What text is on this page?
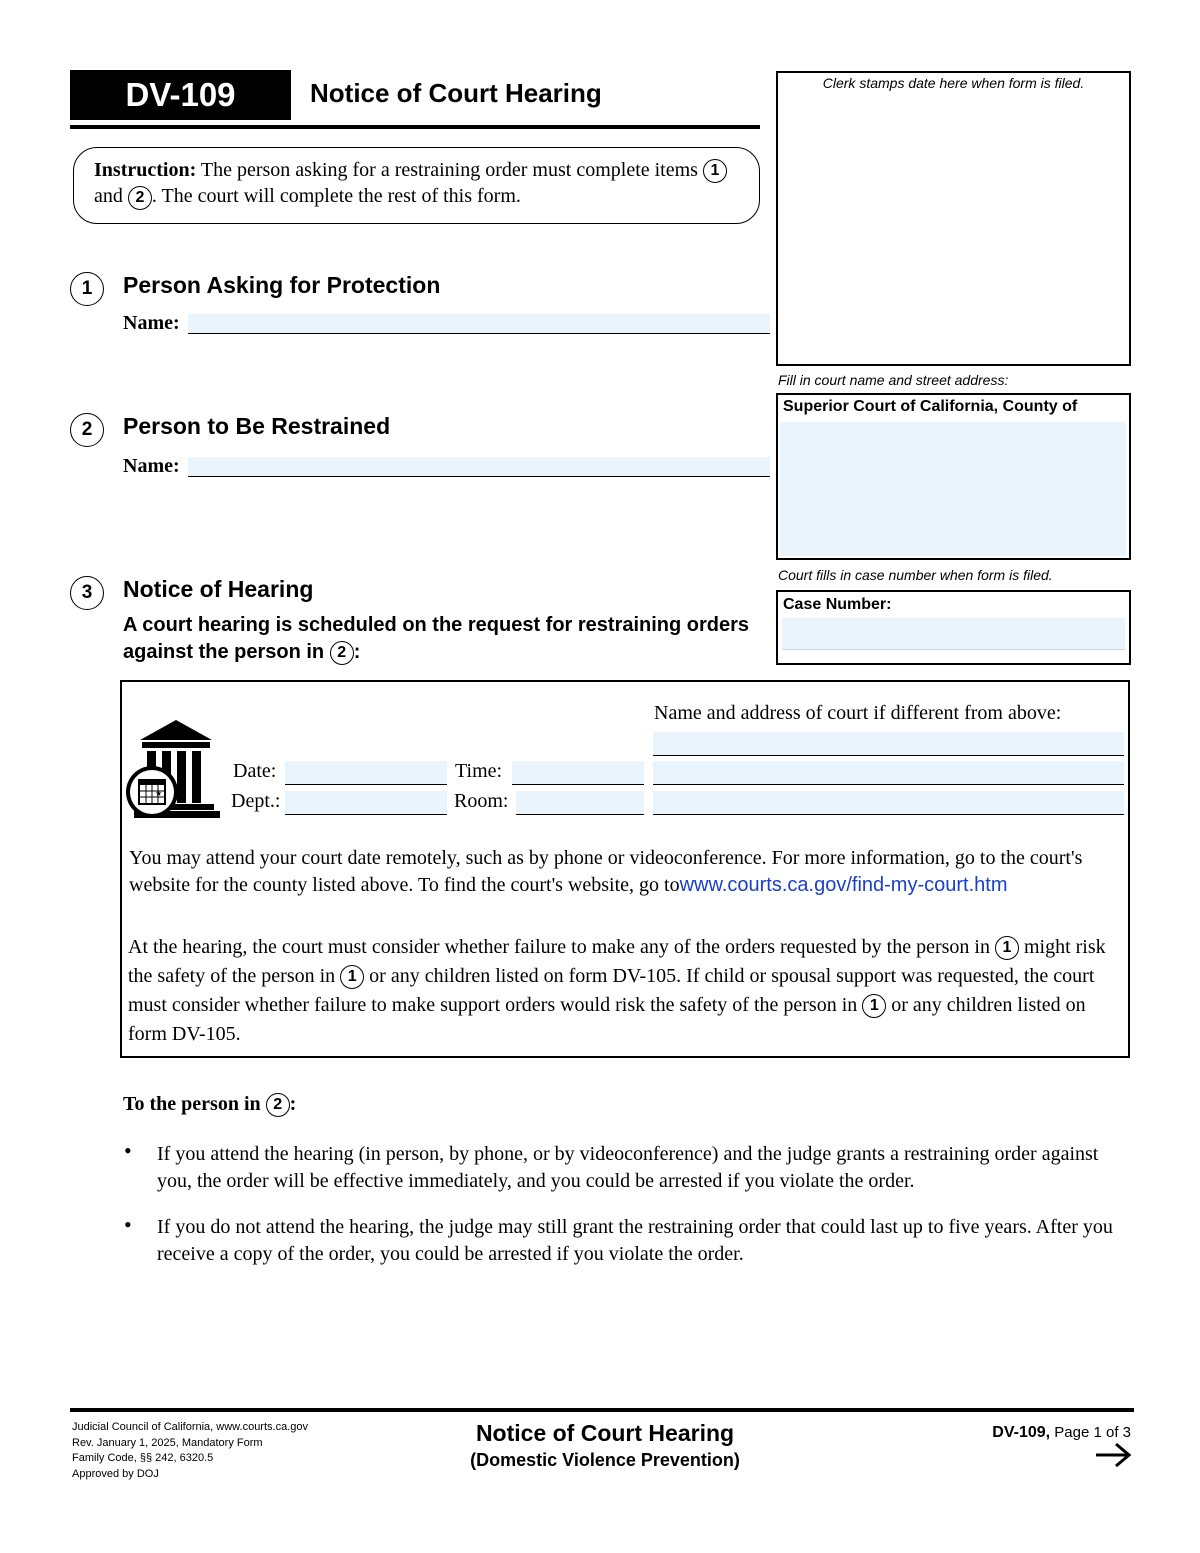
DV-109	Notice of Court Hearing
Instruction: The person asking for a restraining order must complete items 1 and 2 . The court will complete the rest of this form.
Clerk stamps date here when form is filed.
Fill in court name and street address:
Superior Court of California, County of
Court fills in case number when form is filed.
Case Number:
1	Person Asking for Protection
Name:
2	Person to Be Restrained
Name:
3	Notice of Hearing
A court hearing is scheduled on the request for restraining orders against the person in 2 :
★
Date:	Time:
Dept.:	Room:
Name and address of court if different from above:
You may attend your court date remotely, such as by phone or videoconference. For more information, go to the court's website for the county listed above. To find the court's website, go towww.courts.ca.gov/find-my-court.htm
At the hearing, the court must consider whether failure to make any of the orders requested by the person in 1 might risk the safety of the person in 1 or any children listed on form DV-105. If child or spousal support was requested, the court must consider whether failure to make support orders would risk the safety of the person in 1 or any children listed on form DV-105.
To the person in 2 :
• If you attend the hearing (in person, by phone, or by videoconference) and the judge grants a restraining order against you, the order will be effective immediately, and you could be arrested if you violate the order.
• If you do not attend the hearing, the judge may still grant the restraining order that could last up to five years. After you receive a copy of the order, you could be arrested if you violate the order.
Judicial Council of California, www.courts.ca.gov
Rev. January 1, 2025, Mandatory Form
Family Code, §§ 242, 6320.5
Approved by DOJ
Notice of Court Hearing
(Domestic Violence Prevention)
DV-109, Page 1 of 3
